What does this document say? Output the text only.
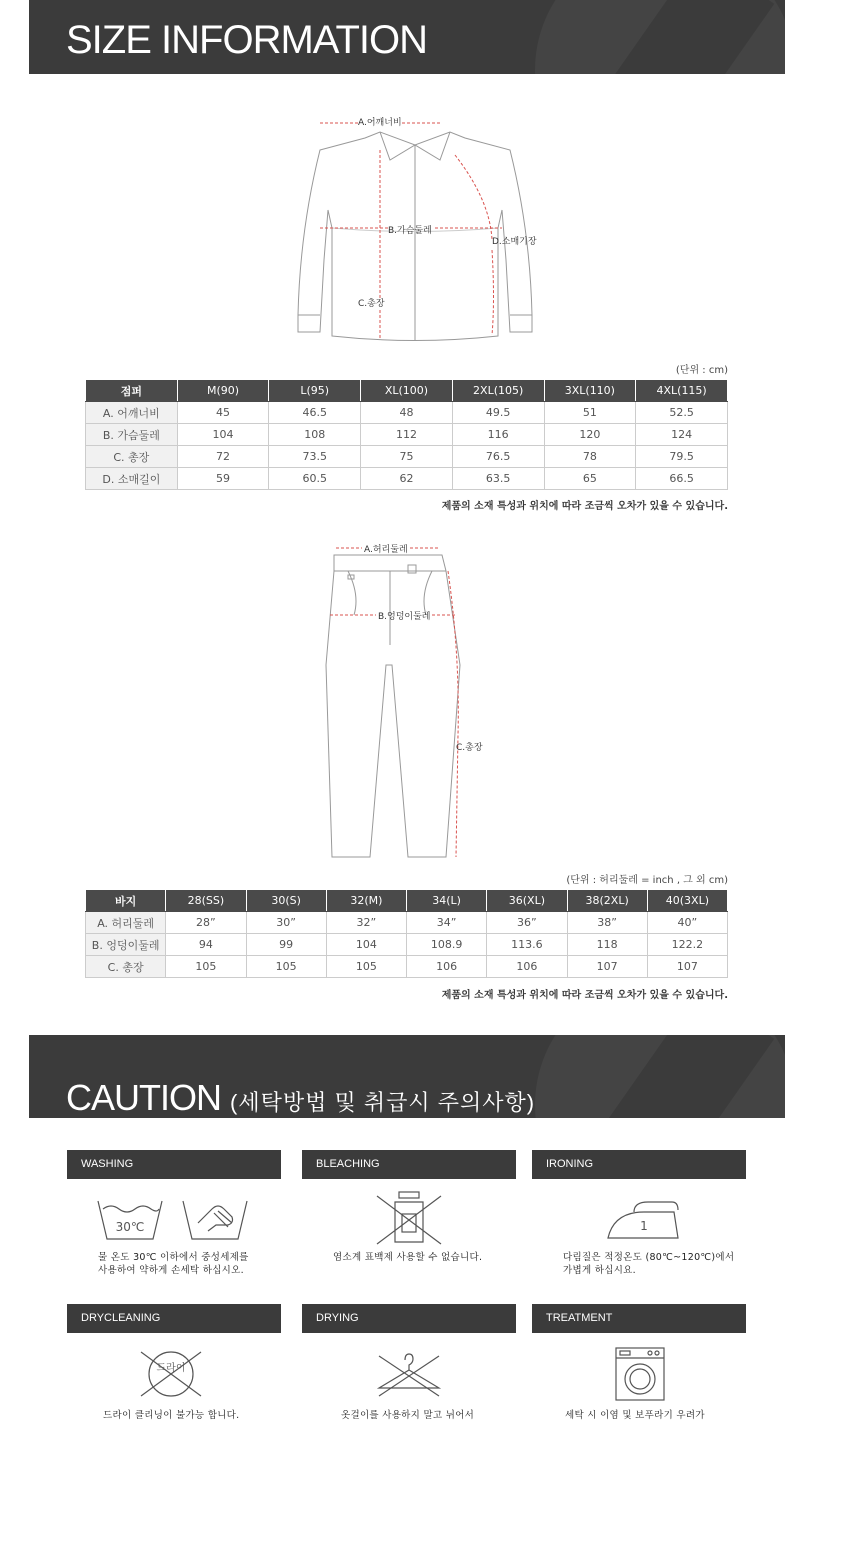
SIZE INFORMATION
A.어깨너비
B.가슴둘레
C.총장
D.소매기장
(단위 : cm)
점퍼	M(90)	L(95)	XL(100)	2XL(105)	3XL(110)	4XL(115)
A. 어깨너비	45	46.5	48	49.5	51	52.5
B. 가슴둘레	104	108	112	116	120	124
C. 총장	72	73.5	75	76.5	78	79.5
D. 소매길이	59	60.5	62	63.5	65	66.5
제품의 소재 특성과 위치에 따라 조금씩 오차가 있을 수 있습니다.
A.허리둘레
B.엉덩이둘레
C.총장
(단위 : 허리둘레 = inch , 그 외 cm)
바지	28(SS)	30(S)	32(M)	34(L)	36(XL)	38(2XL)	40(3XL)
A. 허리둘레	28”	30”	32”	34”	36”	38”	40”
B. 엉덩이둘레	94	99	104	108.9	113.6	118	122.2
C. 총장	105	105	105	106	106	107	107
제품의 소재 특성과 위치에 따라 조금씩 오차가 있을 수 있습니다.
CAUTION (세탁방법 및 취급시 주의사항)
WASHING	BLEACHING	IRONING
30℃
물 온도 30℃ 이하에서 중성세제를
사용하여 약하게 손세탁 하십시오.
염소계 표백제 사용할 수 없습니다.
1
다림질은 적정온도 (80℃~120℃)에서
가볍게 하십시요.
DRYCLEANING	DRYING	TREATMENT
드라이
드라이 클리닝이 불가능 합니다.	옷걸이를 사용하지 말고 뉘어서	세탁 시 이염 및 보푸라기 우려가
